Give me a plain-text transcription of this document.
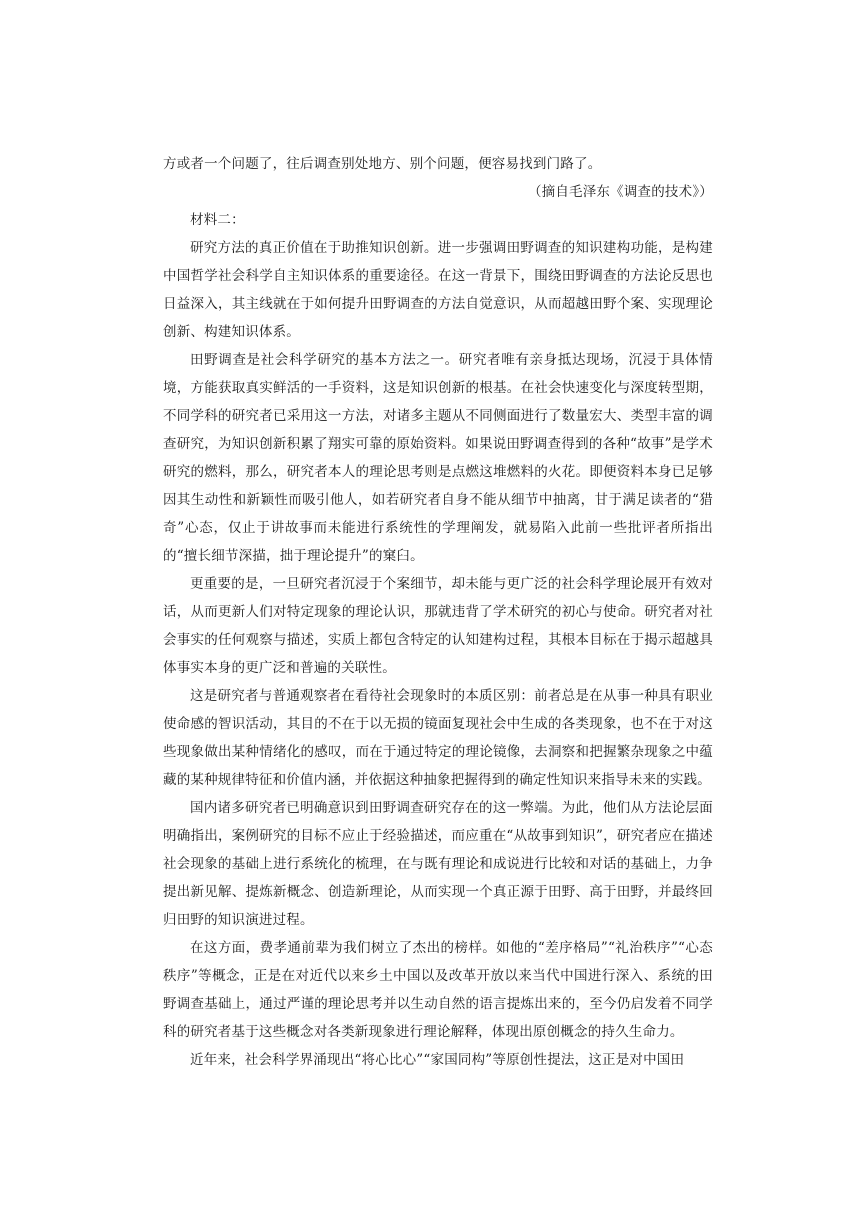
方或者一个问题了，往后调查别处地方、别个问题，便容易找到门路了。

（摘自毛泽东《调查的技术》）

材料二：

研究方法的真正价值在于助推知识创新。进一步强调田野调查的知识建构功能，是构建中国哲学社会科学自主知识体系的重要途径。在这一背景下，围绕田野调查的方法论反思也日益深入，其主线就在于如何提升田野调查的方法自觉意识，从而超越田野个案、实现理论创新、构建知识体系。

田野调查是社会科学研究的基本方法之一。研究者唯有亲身抵达现场，沉浸于具体情境，方能获取真实鲜活的一手资料，这是知识创新的根基。在社会快速变化与深度转型期，不同学科的研究者已采用这一方法，对诸多主题从不同侧面进行了数量宏大、类型丰富的调查研究，为知识创新积累了翔实可靠的原始资料。如果说田野调查得到的各种“故事”是学术研究的燃料，那么，研究者本人的理论思考则是点燃这堆燃料的火花。即便资料本身已足够因其生动性和新颖性而吸引他人，如若研究者自身不能从细节中抽离，甘于满足读者的“猎奇”心态，仅止于讲故事而未能进行系统性的学理阐发，就易陷入此前一些批评者所指出的“擅长细节深描，拙于理论提升”的窠臼。

更重要的是，一旦研究者沉浸于个案细节，却未能与更广泛的社会科学理论展开有效对话，从而更新人们对特定现象的理论认识，那就违背了学术研究的初心与使命。研究者对社会事实的任何观察与描述，实质上都包含特定的认知建构过程，其根本目标在于揭示超越具体事实本身的更广泛和普遍的关联性。

这是研究者与普通观察者在看待社会现象时的本质区别：前者总是在从事一种具有职业使命感的智识活动，其目的不在于以无损的镜面复现社会中生成的各类现象，也不在于对这些现象做出某种情绪化的感叹，而在于通过特定的理论镜像，去洞察和把握繁杂现象之中蕴藏的某种规律特征和价值内涵，并依据这种抽象把握得到的确定性知识来指导未来的实践。

国内诸多研究者已明确意识到田野调查研究存在的这一弊端。为此，他们从方法论层面明确指出，案例研究的目标不应止于经验描述，而应重在“从故事到知识”，研究者应在描述社会现象的基础上进行系统化的梳理，在与既有理论和成说进行比较和对话的基础上，力争提出新见解、提炼新概念、创造新理论，从而实现一个真正源于田野、高于田野，并最终回归田野的知识演进过程。

在这方面，费孝通前辈为我们树立了杰出的榜样。如他的“差序格局”“礼治秩序”“心态秩序”等概念，正是在对近代以来乡土中国以及改革开放以来当代中国进行深入、系统的田野调查基础上，通过严谨的理论思考并以生动自然的语言提炼出来的，至今仍启发着不同学科的研究者基于这些概念对各类新现象进行理论解释，体现出原创概念的持久生命力。

近年来，社会科学界涌现出“将心比心”“家国同构”等原创性提法，这正是对中国田
